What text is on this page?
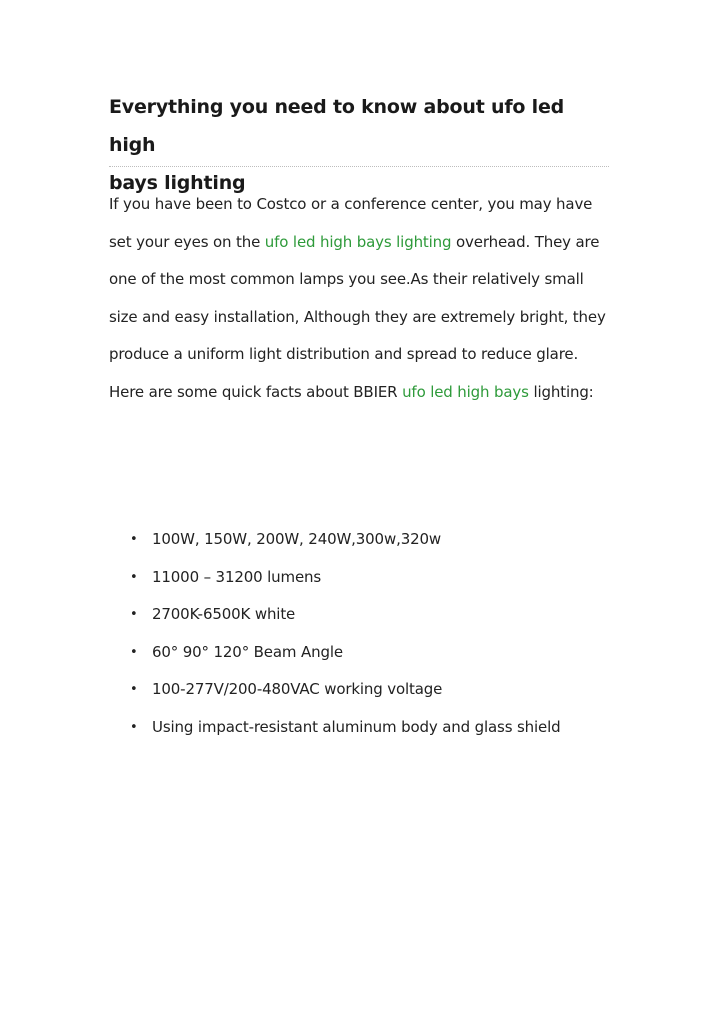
Everything you need to know about ufo led high
bays lighting

If you have been to Costco or a conference center, you may have set your eyes on the ufo led high bays lighting overhead. They are one of the most common lamps you see.As their relatively small size and easy installation, Although they are extremely bright, they produce a uniform light distribution and spread to reduce glare. Here are some quick facts about BBIER ufo led high bays lighting:

• 100W, 150W, 200W, 240W,300w,320w
• 11000 – 31200 lumens
• 2700K-6500K white
• 60° 90° 120° Beam Angle
• 100-277V/200-480VAC working voltage
• Using impact-resistant aluminum body and glass shield
